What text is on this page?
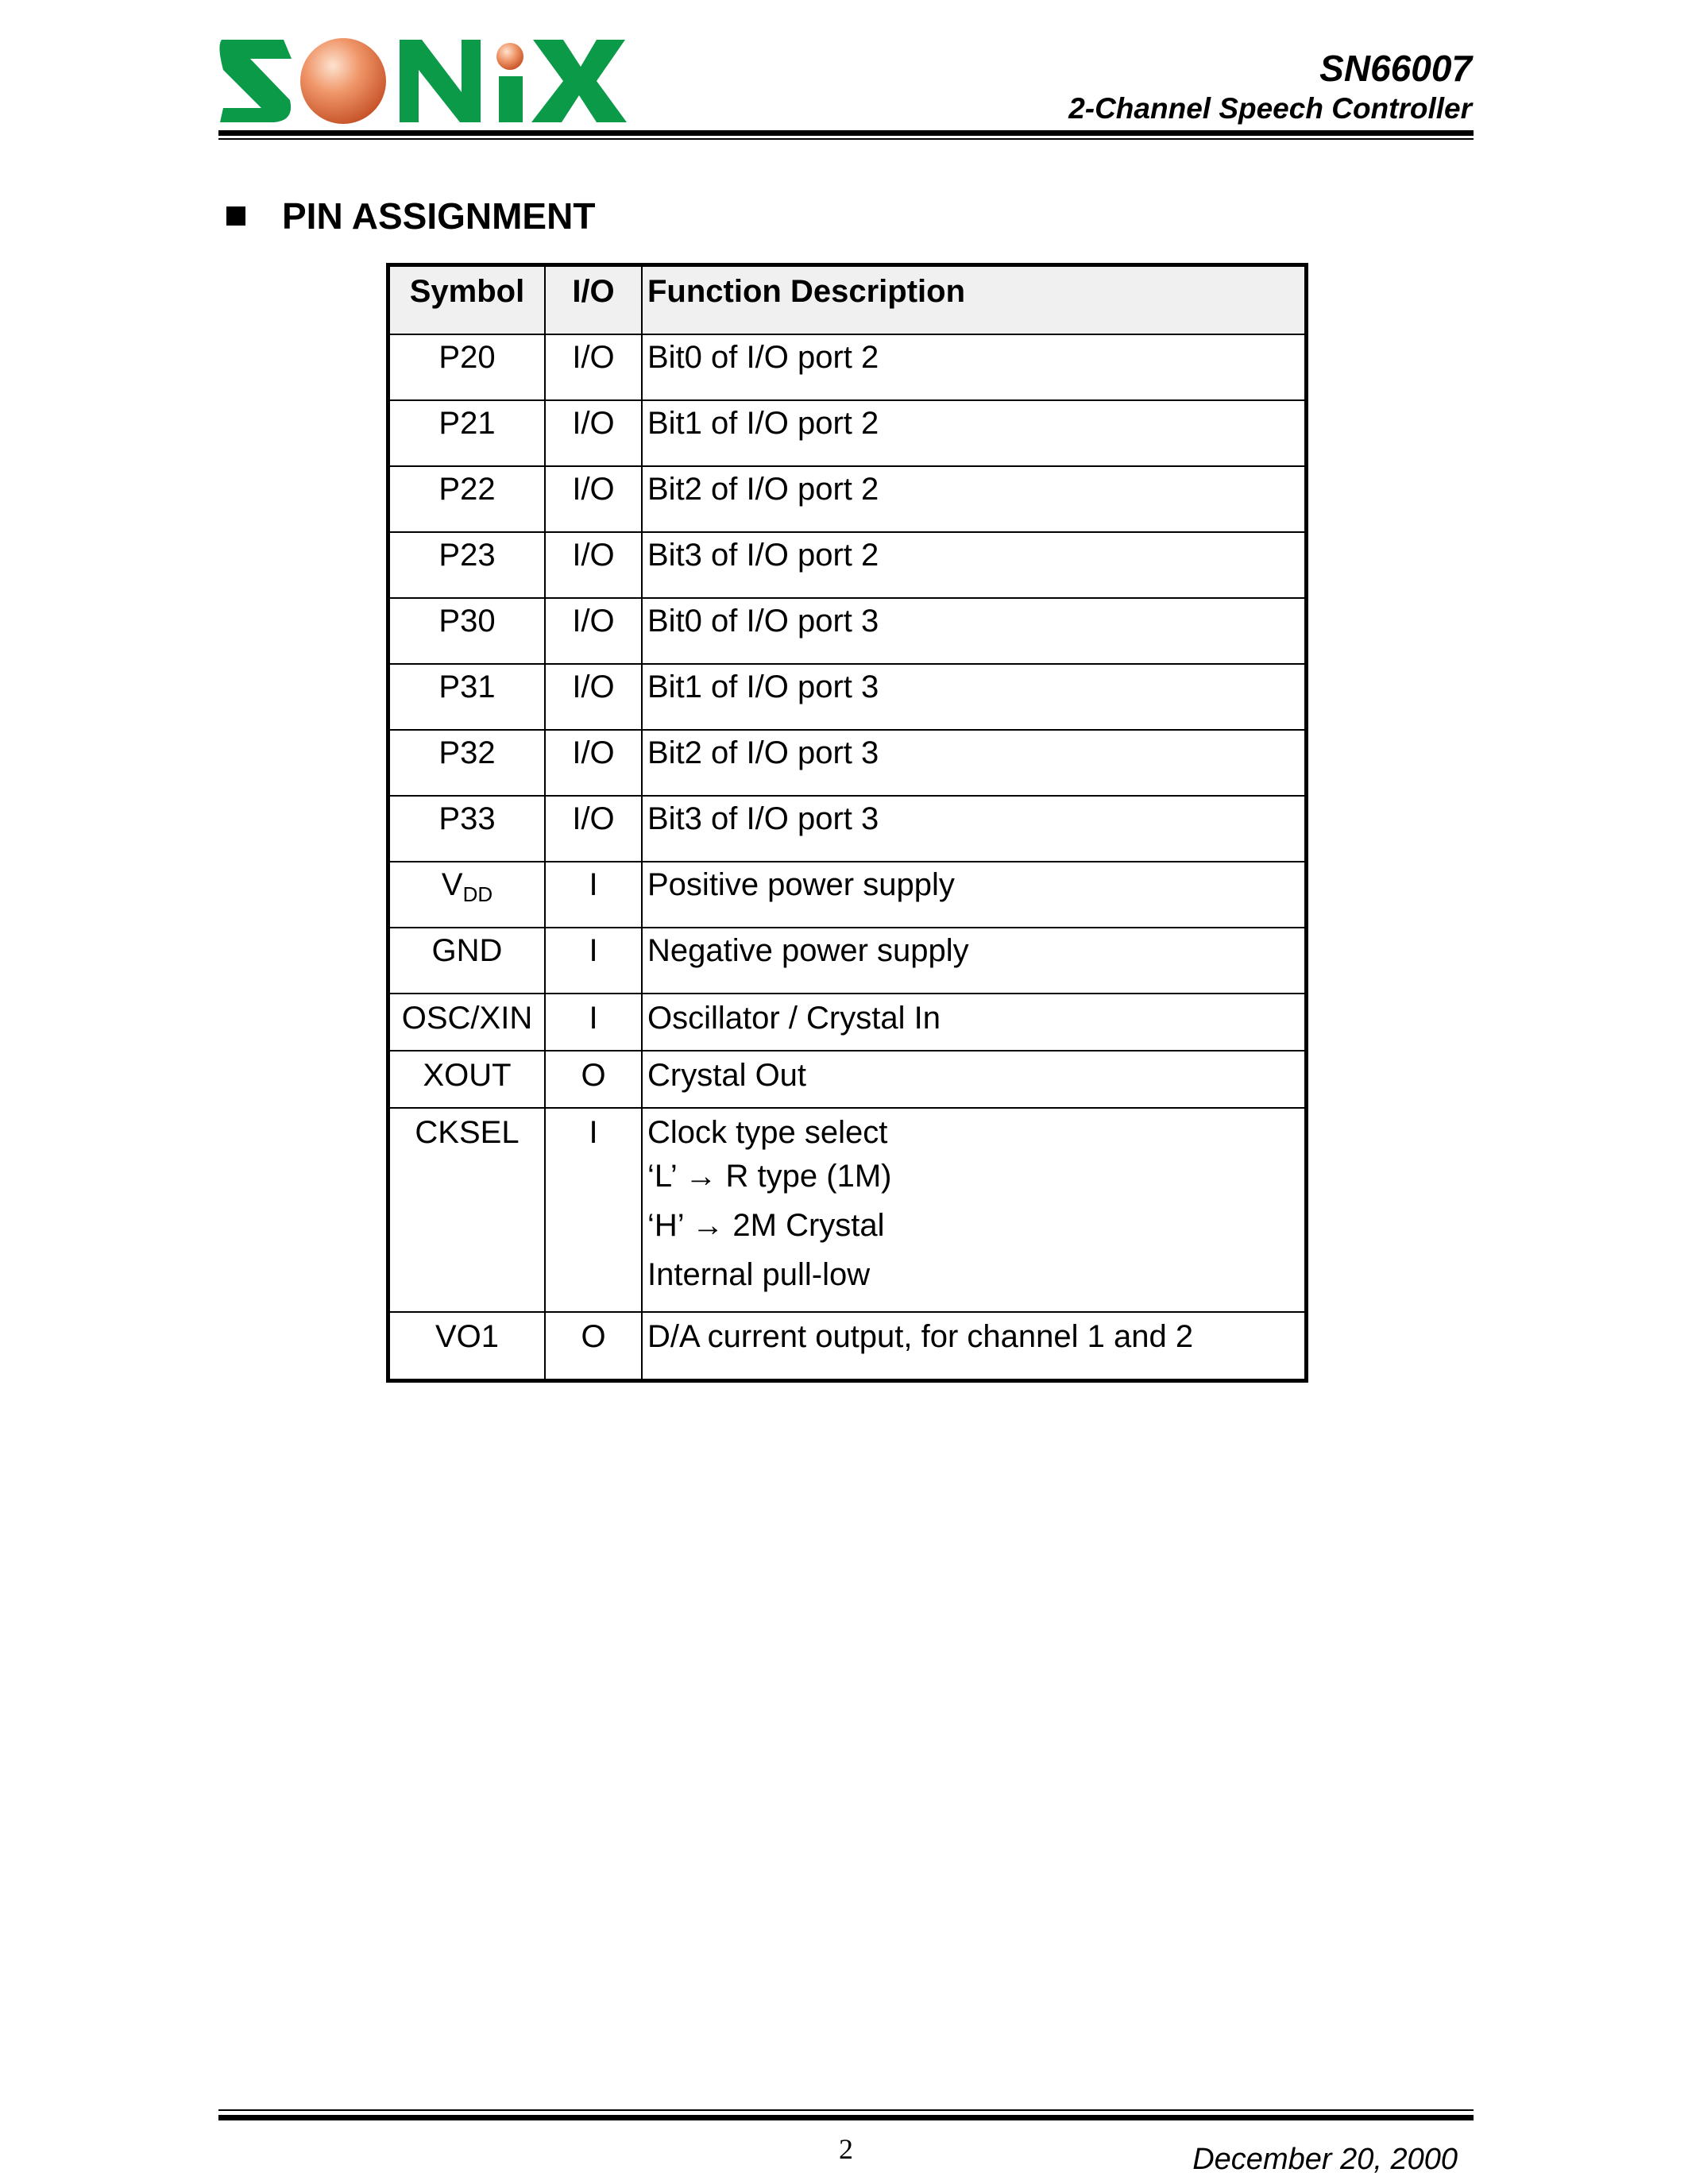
SN66007
2-Channel Speech Controller
PIN ASSIGNMENT
Symbol	I/O	Function Description
P20	I/O	Bit0 of I/O port 2
P21	I/O	Bit1 of I/O port 2
P22	I/O	Bit2 of I/O port 2
P23	I/O	Bit3 of I/O port 2
P30	I/O	Bit0 of I/O port 3
P31	I/O	Bit1 of I/O port 3
P32	I/O	Bit2 of I/O port 3
P33	I/O	Bit3 of I/O port 3
$V_{DD}$	I	Positive power supply
GND	I	Negative power supply
OSC/XIN	I	Oscillator / Crystal In
XOUT	O	Crystal Out
CKSEL	I	Clock type select
‘L’ → R type (1M)
‘H’ → 2M Crystal
Internal pull-low

VO1	O	D/A current output, for channel 1 and 2
2	December 20, 2000
